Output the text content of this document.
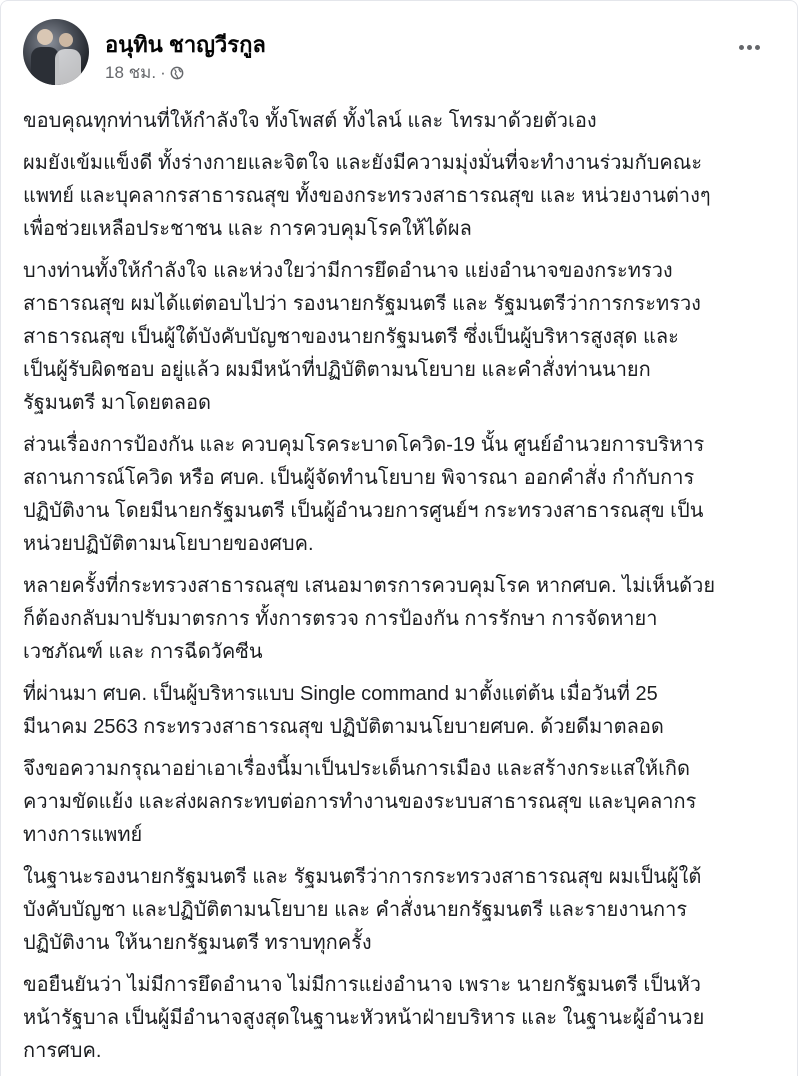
อนุทิน ชาญวีรกูล
18 ชม. ·
ขอบคุณทุกท่านที่ให้กำลังใจ ทั้งโพสต์ ทั้งไลน์ และ โทรมาด้วยตัวเอง
ผมยังเข้มแข็งดี ทั้งร่างกายและจิตใจ และยังมีความมุ่งมั่นที่จะทำงานร่วมกับคณะ
แพทย์ และบุคลากรสาธารณสุข ทั้งของกระทรวงสาธารณสุข และ หน่วยงานต่างๆ
เพื่อช่วยเหลือประชาชน และ การควบคุมโรคให้ได้ผล
บางท่านทั้งให้กำลังใจ และห่วงใยว่ามีการยึดอำนาจ แย่งอำนาจของกระทรวง
สาธารณสุข ผมได้แต่ตอบไปว่า รองนายกรัฐมนตรี และ รัฐมนตรีว่าการกระทรวง
สาธารณสุข เป็นผู้ใต้บังคับบัญชาของนายกรัฐมนตรี ซึ่งเป็นผู้บริหารสูงสุด และ
เป็นผู้รับผิดชอบ อยู่แล้ว ผมมีหน้าที่ปฏิบัติตามนโยบาย และคำสั่งท่านนายก
รัฐมนตรี มาโดยตลอด
ส่วนเรื่องการป้องกัน และ ควบคุมโรคระบาดโควิด-19 นั้น ศูนย์อำนวยการบริหาร
สถานการณ์โควิด หรือ ศบค. เป็นผู้จัดทำนโยบาย พิจารณา ออกคำสั่ง กำกับการ
ปฏิบัติงาน โดยมีนายกรัฐมนตรี เป็นผู้อำนวยการศูนย์ฯ กระทรวงสาธารณสุข เป็น
หน่วยปฏิบัติตามนโยบายของศบค.
หลายครั้งที่กระทรวงสาธารณสุข เสนอมาตรการควบคุมโรค หากศบค. ไม่เห็นด้วย
ก็ต้องกลับมาปรับมาตรการ ทั้งการตรวจ การป้องกัน การรักษา การจัดหายา
เวชภัณฑ์ และ การฉีดวัคซีน
ที่ผ่านมา ศบค. เป็นผู้บริหารแบบ Single command มาตั้งแต่ต้น เมื่อวันที่ 25
มีนาคม 2563 กระทรวงสาธารณสุข ปฏิบัติตามนโยบายศบค. ด้วยดีมาตลอด
จึงขอความกรุณาอย่าเอาเรื่องนี้มาเป็นประเด็นการเมือง และสร้างกระแสให้เกิด
ความขัดแย้ง และส่งผลกระทบต่อการทำงานของระบบสาธารณสุข และบุคลากร
ทางการแพทย์
ในฐานะรองนายกรัฐมนตรี และ รัฐมนตรีว่าการกระทรวงสาธารณสุข ผมเป็นผู้ใต้
บังคับบัญชา และปฏิบัติตามนโยบาย และ คำสั่งนายกรัฐมนตรี และรายงานการ
ปฏิบัติงาน ให้นายกรัฐมนตรี ทราบทุกครั้ง
ขอยืนยันว่า ไม่มีการยึดอำนาจ ไม่มีการแย่งอำนาจ เพราะ นายกรัฐมนตรี เป็นหัว
หน้ารัฐบาล เป็นผู้มีอำนาจสูงสุดในฐานะหัวหน้าฝ่ายบริหาร และ ในฐานะผู้อำนวย
การศบค.
